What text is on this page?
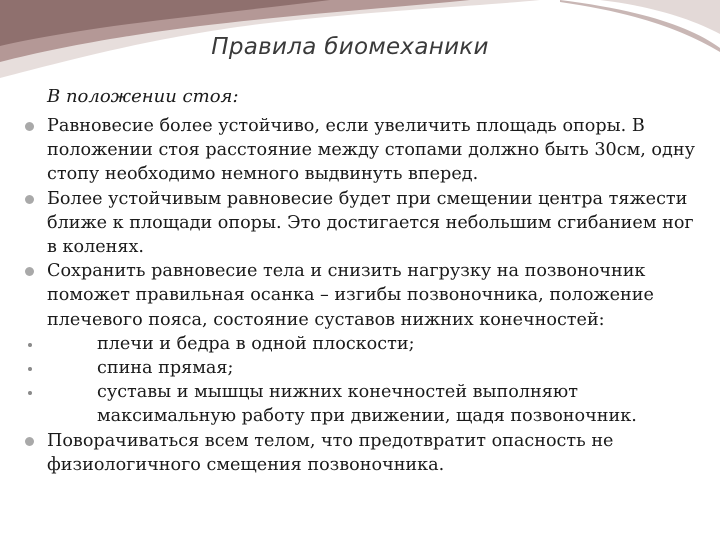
Правила биомеханики
В положении стоя:
Равновесие более устойчиво, если увеличить площадь опоры. В положении стоя расстояние между стопами должно быть 30см, одну стопу необходимо немного выдвинуть вперед.
Более устойчивым равновесие будет при смещении центра тяжести ближе к площади опоры. Это достигается небольшим сгибанием ног в коленях.
Сохранить равновесие тела и снизить нагрузку на позвоночник поможет правильная осанка – изгибы позвоночника, положение плечевого пояса, состояние суставов нижних конечностей:
плечи и бедра в одной плоскости;
спина прямая;
суставы и мышцы нижних конечностей выполняют максимальную работу при движении, щадя позвоночник.
Поворачиваться всем телом, что предотвратит опасность не физиологичного смещения позвоночника.
